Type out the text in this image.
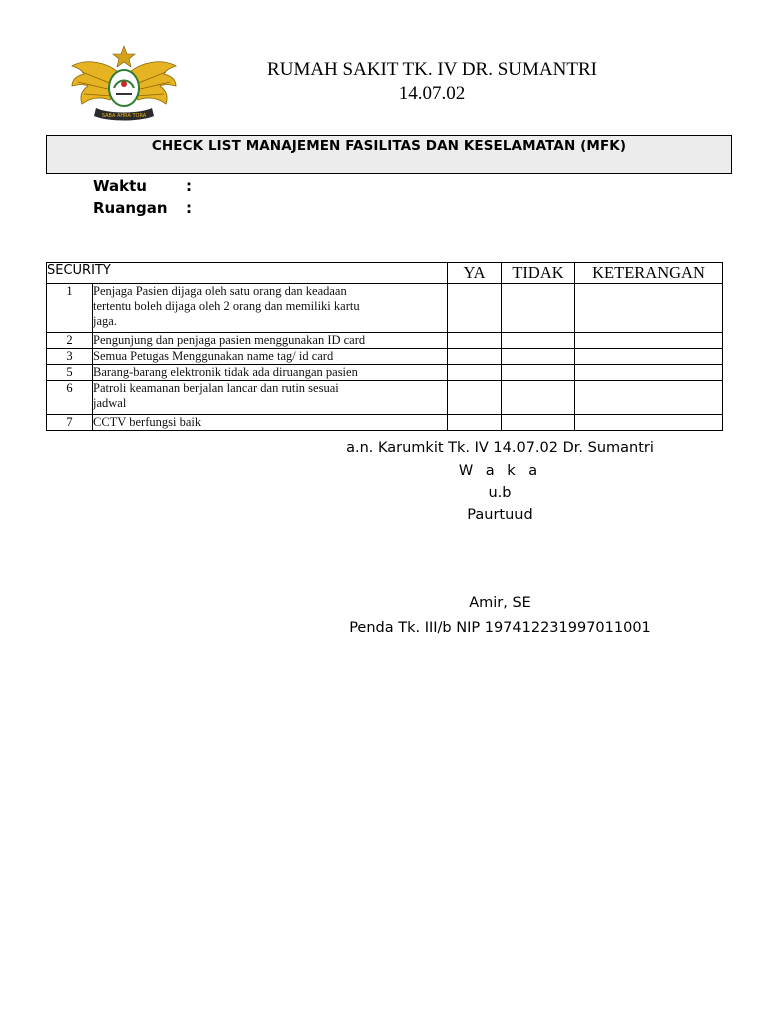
SABA AHRA TORA
RUMAH SAKIT TK. IV DR. SUMANTRI
14.07.02
CHECK LIST MANAJEMEN FASILITAS DAN KESELAMATAN (MFK)
Waktu	:
Ruangan :
SECURITY		YA	TIDAK	KETERANGAN
1	Penjaga Pasien dijaga oleh satu orang dan keadaan
tertentu boleh dijaga oleh 2 orang dan memiliki kartu
jaga.			

2	Pengunjung dan penjaga pasien menggunakan ID card			

3	Semua Petugas Menggunakan name tag/ id card			

5	Barang-barang elektronik tidak ada diruangan pasien			

6	Patroli keamanan berjalan lancar dan rutin sesuai
jadwal			

7	CCTV berfungsi baik			

a.n. Karumkit Tk. IV 14.07.02 Dr. Sumantri
W a k a
u.b
Paurtuud
Amir, SE
Penda Tk. III/b NIP 197412231997011001
